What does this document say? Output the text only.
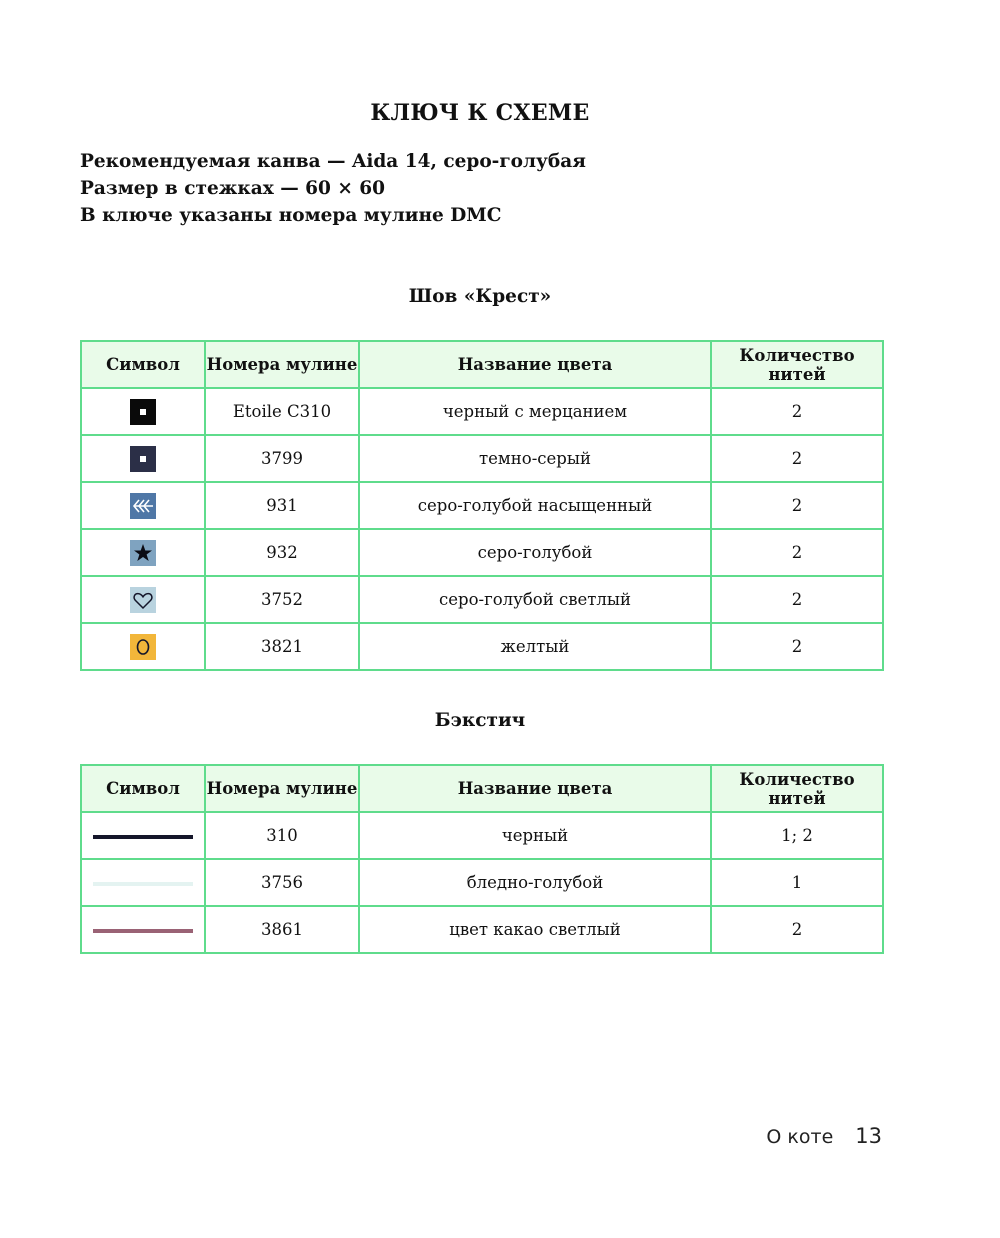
КЛЮЧ К СХЕМЕ
Рекомендуемая канва — Aida 14, серо-голубая
Размер в стежках — 60 × 60
В ключе указаны номера мулине DMC
Шов «Крест»
Символ	Номера мулине	Название цвета	Количество нитей

	Etoile C310	черный с мерцанием	2

	3799	темно-серый	2

	931	серо-голубой насыщенный	2

	932	серо-голубой	2

	3752	серо-голубой светлый	2

	3821	желтый	2
Бэкстич
Символ	Номера мулине	Название цвета	Количество нитей
	310	черный	1; 2
	3756	бледно-голубой	1
	3861	цвет какао светлый	2
О коте 13
